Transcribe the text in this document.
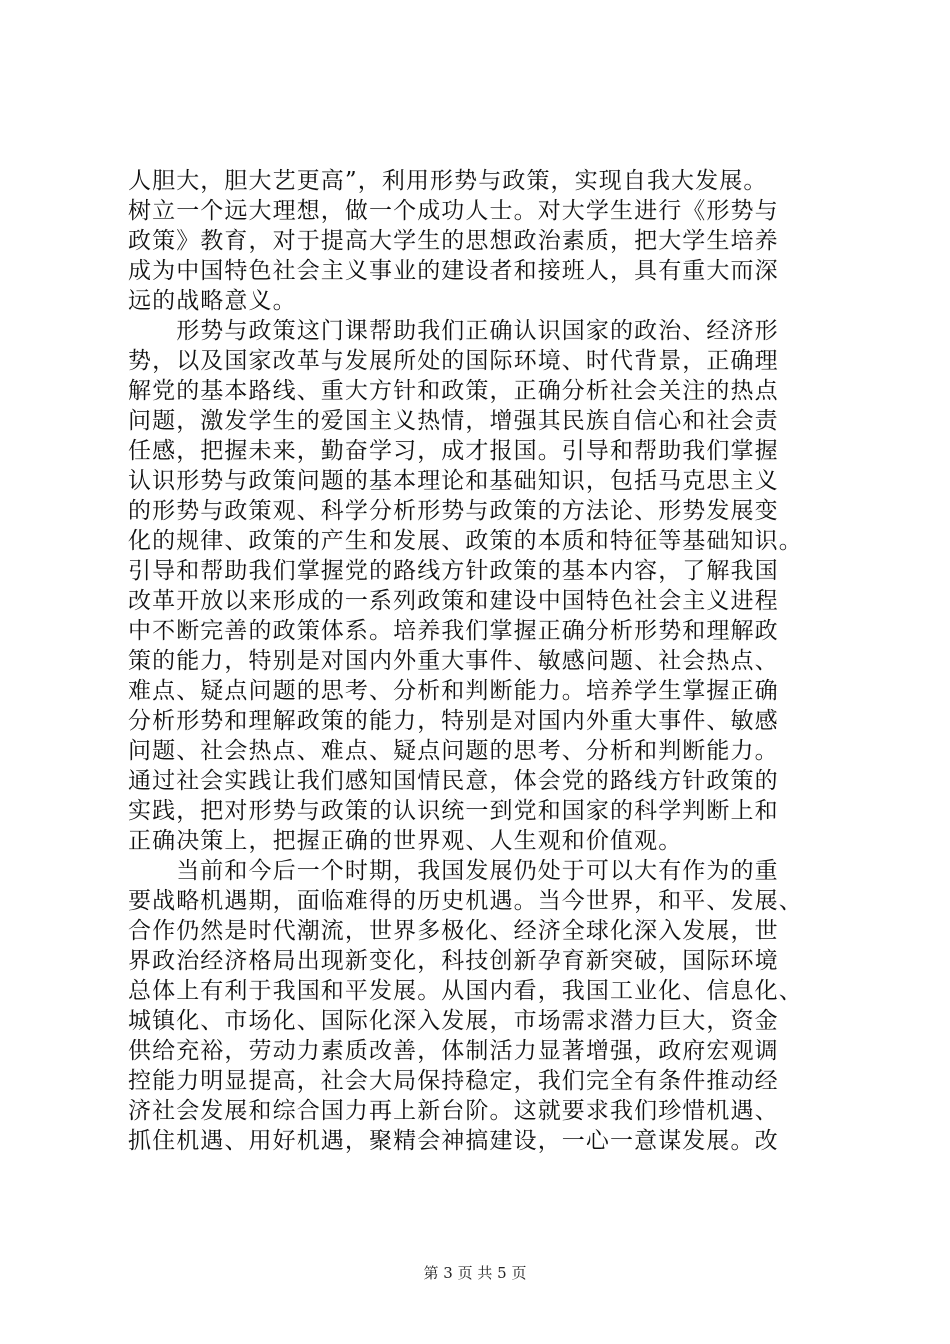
人胆大，胆大艺更高”，利用形势与政策，实现自我大发展。
树立一个远大理想，做一个成功人士。对大学生进行《形势与
政策》教育，对于提高大学生的思想政治素质，把大学生培养
成为中国特色社会主义事业的建设者和接班人，具有重大而深
远的战略意义。
　　形势与政策这门课帮助我们正确认识国家的政治、经济形
势，以及国家改革与发展所处的国际环境、时代背景，正确理
解党的基本路线、重大方针和政策，正确分析社会关注的热点
问题，激发学生的爱国主义热情，增强其民族自信心和社会责
任感，把握未来，勤奋学习，成才报国。引导和帮助我们掌握
认识形势与政策问题的基本理论和基础知识，包括马克思主义
的形势与政策观、科学分析形势与政策的方法论、形势发展变
化的规律、政策的产生和发展、政策的本质和特征等基础知识。
引导和帮助我们掌握党的路线方针政策的基本内容，了解我国
改革开放以来形成的一系列政策和建设中国特色社会主义进程
中不断完善的政策体系。培养我们掌握正确分析形势和理解政
策的能力，特别是对国内外重大事件、敏感问题、社会热点、
难点、疑点问题的思考、分析和判断能力。培养学生掌握正确
分析形势和理解政策的能力，特别是对国内外重大事件、敏感
问题、社会热点、难点、疑点问题的思考、分析和判断能力。
通过社会实践让我们感知国情民意，体会党的路线方针政策的
实践，把对形势与政策的认识统一到党和国家的科学判断上和
正确决策上，把握正确的世界观、人生观和价值观。
　　当前和今后一个时期，我国发展仍处于可以大有作为的重
要战略机遇期，面临难得的历史机遇。当今世界，和平、发展、
合作仍然是时代潮流，世界多极化、经济全球化深入发展，世
界政治经济格局出现新变化，科技创新孕育新突破，国际环境
总体上有利于我国和平发展。从国内看，我国工业化、信息化、
城镇化、市场化、国际化深入发展，市场需求潜力巨大，资金
供给充裕，劳动力素质改善，体制活力显著增强，政府宏观调
控能力明显提高，社会大局保持稳定，我们完全有条件推动经
济社会发展和综合国力再上新台阶。这就要求我们珍惜机遇、
抓住机遇、用好机遇，聚精会神搞建设，一心一意谋发展。改
第 3 页 共 5 页
